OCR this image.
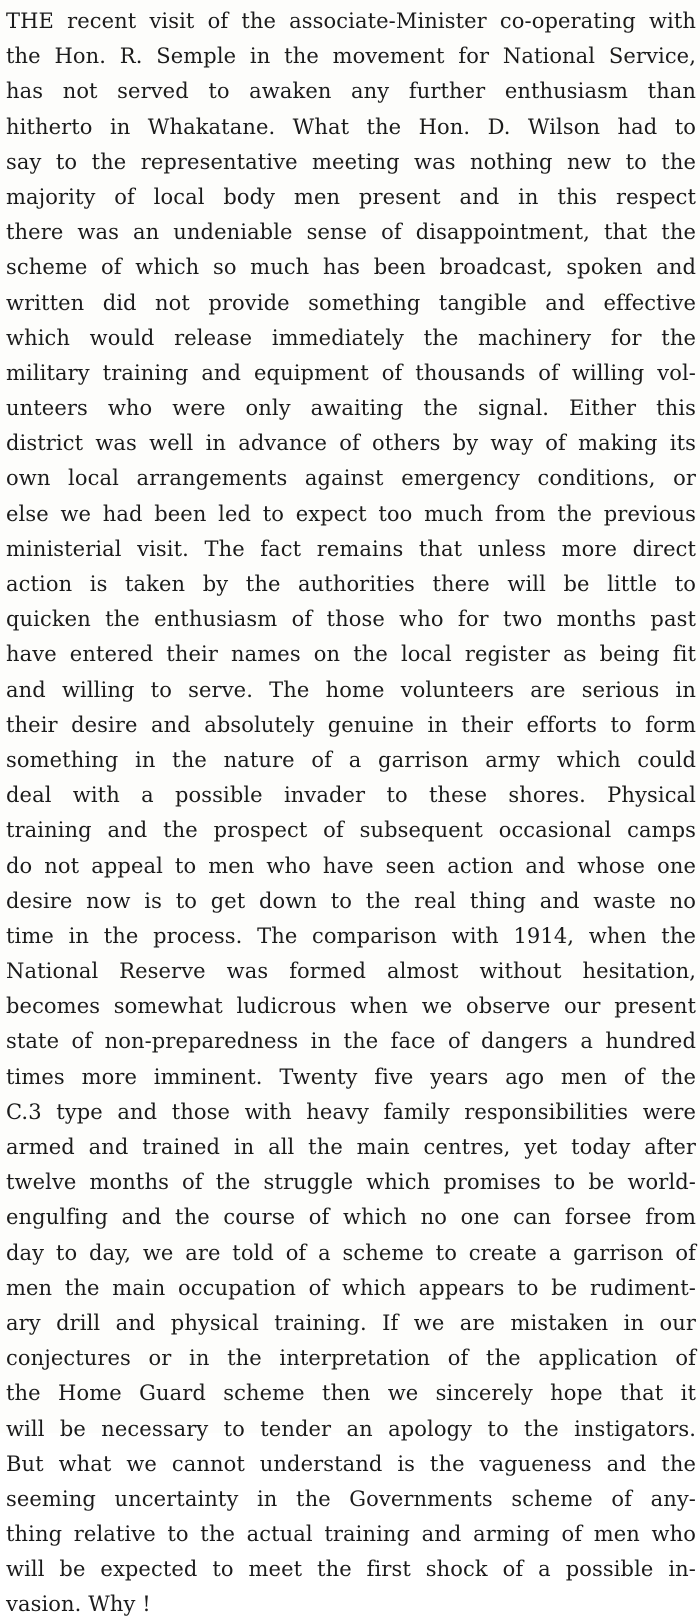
THE recent visit of the associate-Minister co-operating with
the Hon. R. Semple in the movement for National Service,
has not served to awaken any further enthusiasm than
hitherto in Whakatane. What the Hon. D. Wilson had to
say to the representative meeting was nothing new to the
majority of local body men present and in this respect
there was an undeniable sense of disappointment, that the
scheme of which so much has been broadcast, spoken and
written did not provide something tangible and effective
which would release immediately the machinery for the
military training and equipment of thousands of willing vol-
unteers who were only awaiting the signal. Either this
district was well in advance of others by way of making its
own local arrangements against emergency conditions, or
else we had been led to expect too much from the previous
ministerial visit. The fact remains that unless more direct
action is taken by the authorities there will be little to
quicken the enthusiasm of those who for two months past
have entered their names on the local register as being fit
and willing to serve. The home volunteers are serious in
their desire and absolutely genuine in their efforts to form
something in the nature of a garrison army which could
deal with a possible invader to these shores. Physical
training and the prospect of subsequent occasional camps
do not appeal to men who have seen action and whose one
desire now is to get down to the real thing and waste no
time in the process. The comparison with 1914, when the
National Reserve was formed almost without hesitation,
becomes somewhat ludicrous when we observe our present
state of non-preparedness in the face of dangers a hundred
times more imminent. Twenty five years ago men of the
C.3 type and those with heavy family responsibilities were
armed and trained in all the main centres, yet today after
twelve months of the struggle which promises to be world-
engulfing and the course of which no one can forsee from
day to day, we are told of a scheme to create a garrison of
men the main occupation of which appears to be rudiment-
ary drill and physical training. If we are mistaken in our
conjectures or in the interpretation of the application of
the Home Guard scheme then we sincerely hope that it
will be necessary to tender an apology to the instigators.
But what we cannot understand is the vagueness and the
seeming uncertainty in the Governments scheme of any-
thing relative to the actual training and arming of men who
will be expected to meet the first shock of a possible in-
vasion. Why !
